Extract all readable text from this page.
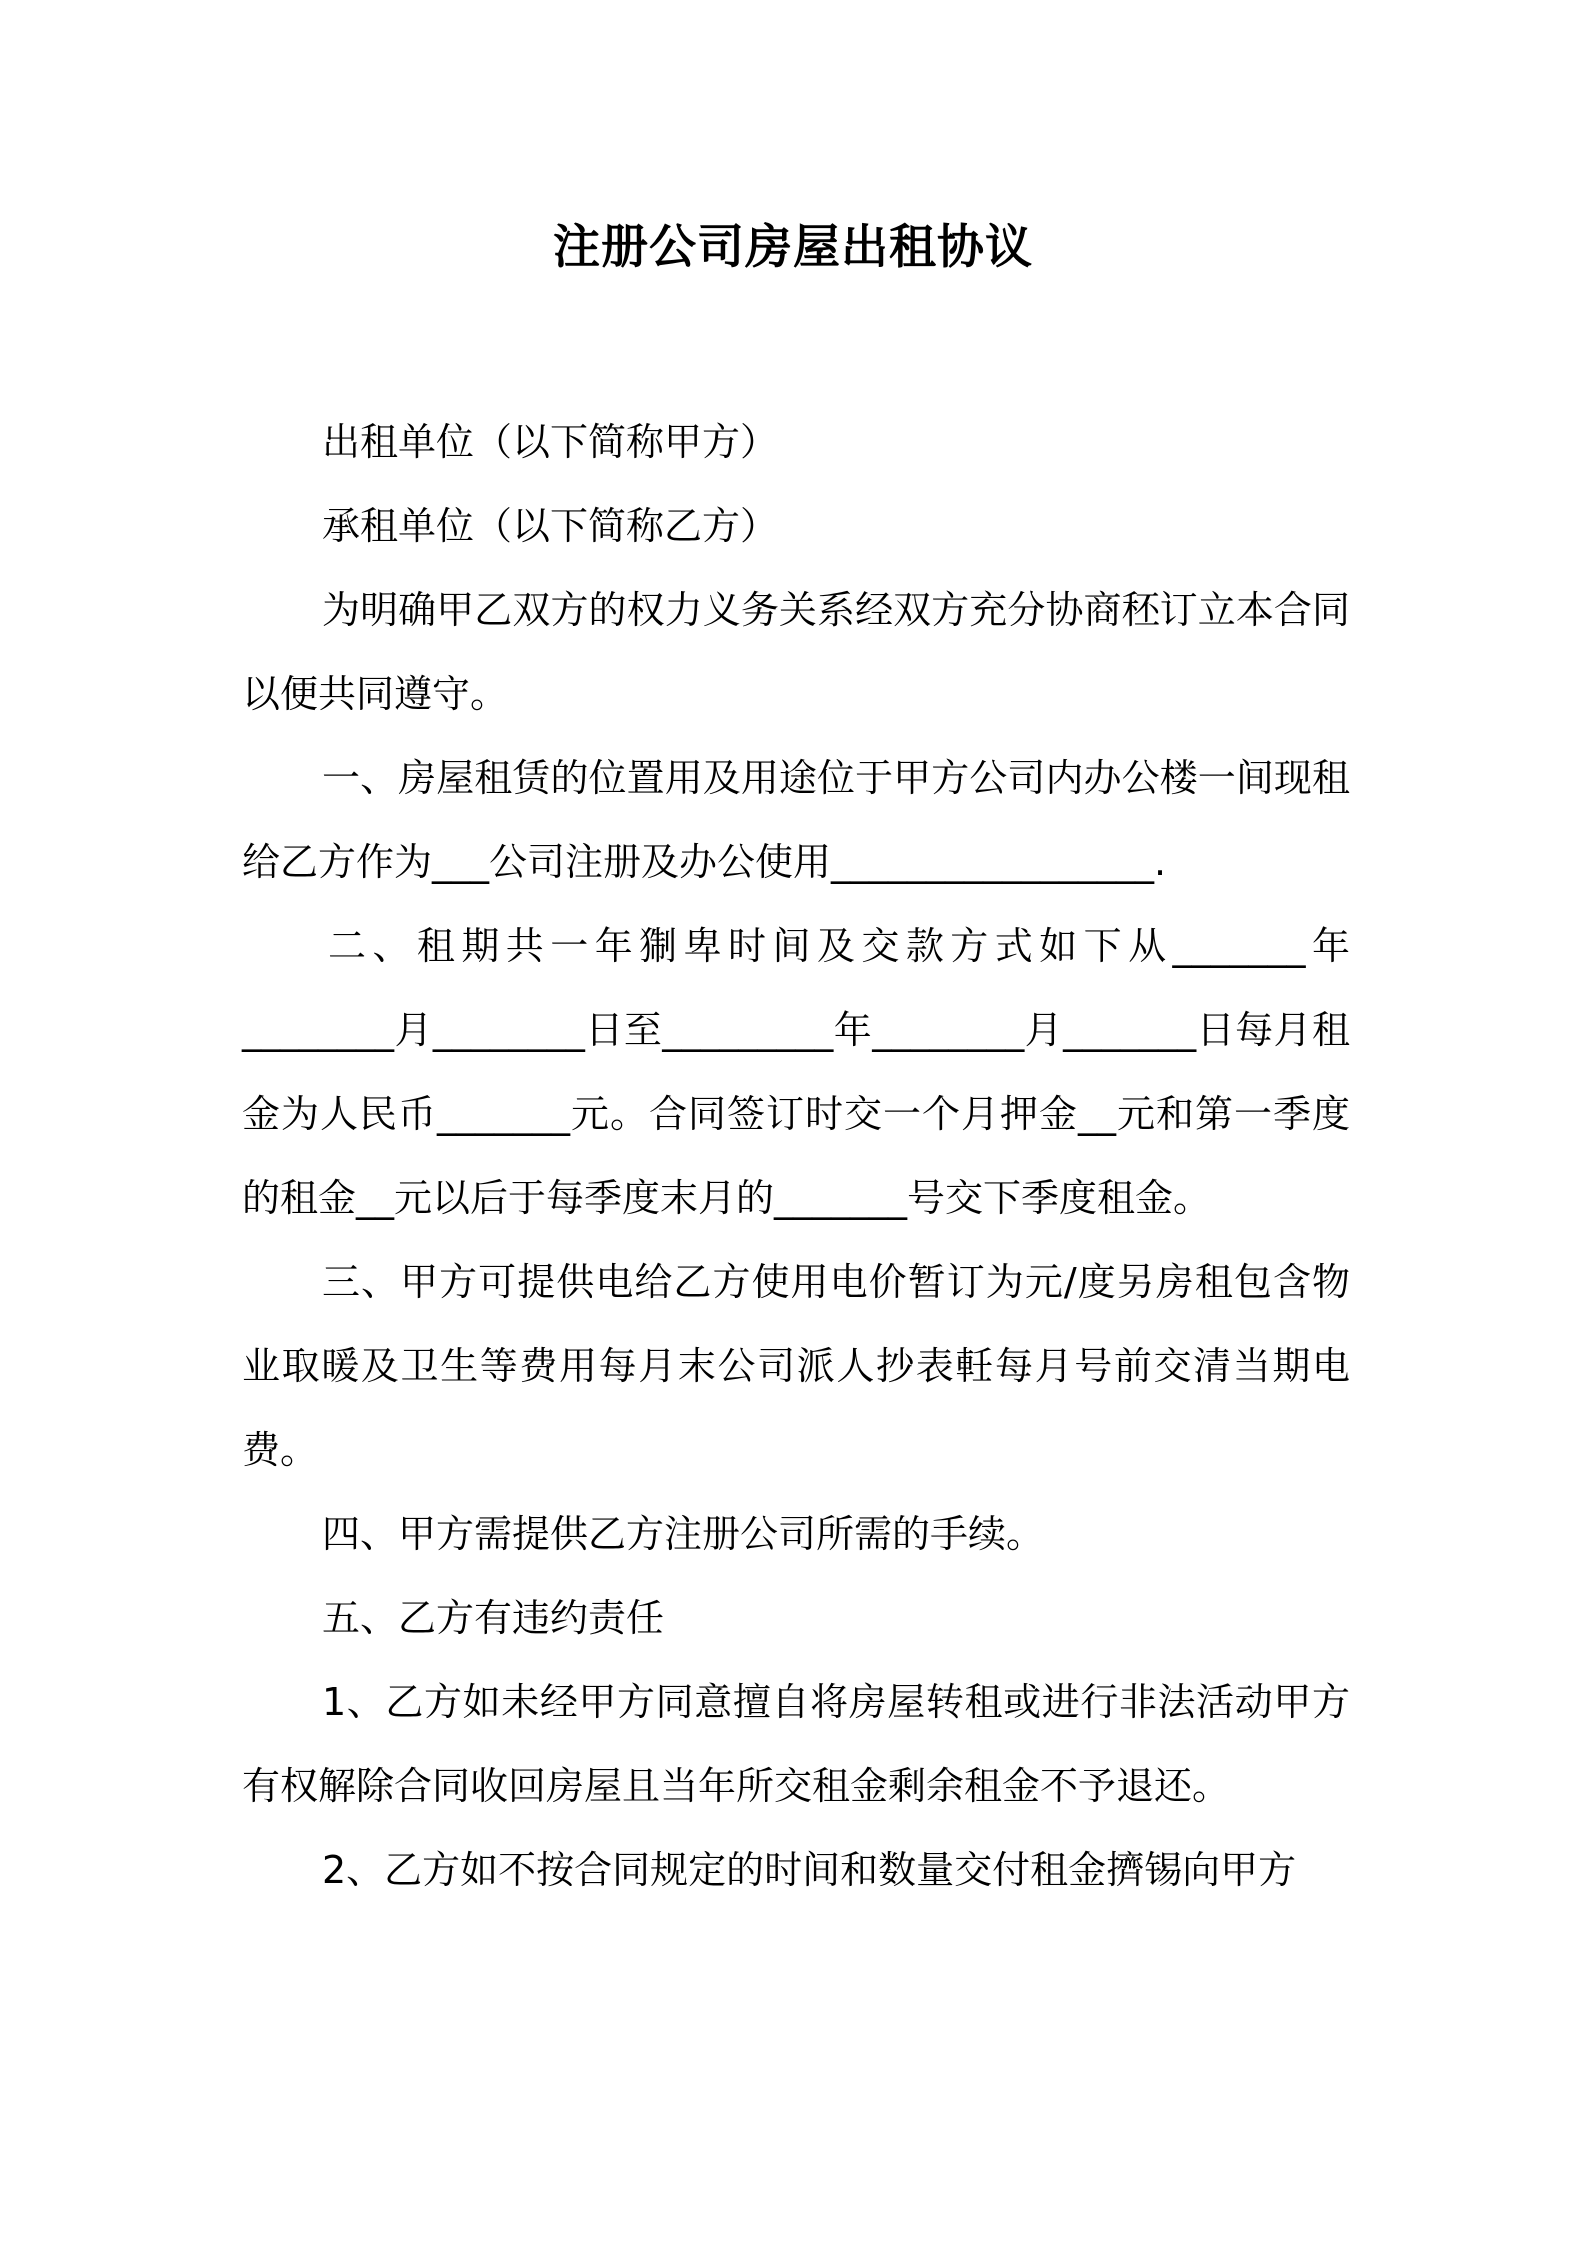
注册公司房屋出租协议

出租单位（以下简称甲方）

承租单位（以下简称乙方）

为明确甲乙双方的权力义务关系经双方充分协商秠订立本合同以便共同遵守。

一、房屋租赁的位置用及用途位于甲方公司内办公楼一间现租给乙方作为___公司注册及办公使用_________________.

二、租期共一年猘卑时间及交款方式如下从_______年________月________日至_________年________月_______日每月租金为人民币_______元。合同签订时交一个月押金__元和第一季度的租金__元以后于每季度末月的_______号交下季度租金。

三、甲方可提供电给乙方使用电价暂订为元/度另房租包含物业取暖及卫生等费用每月末公司派人抄表軠每月号前交清当期电费。

四、甲方需提供乙方注册公司所需的手续。

五、乙方有违约责任

1、乙方如未经甲方同意擅自将房屋转租或进行非法活动甲方有权解除合同收回房屋且当年所交租金剩余租金不予退还。

2、乙方如不按合同规定的时间和数量交付租金擠锡向甲方
